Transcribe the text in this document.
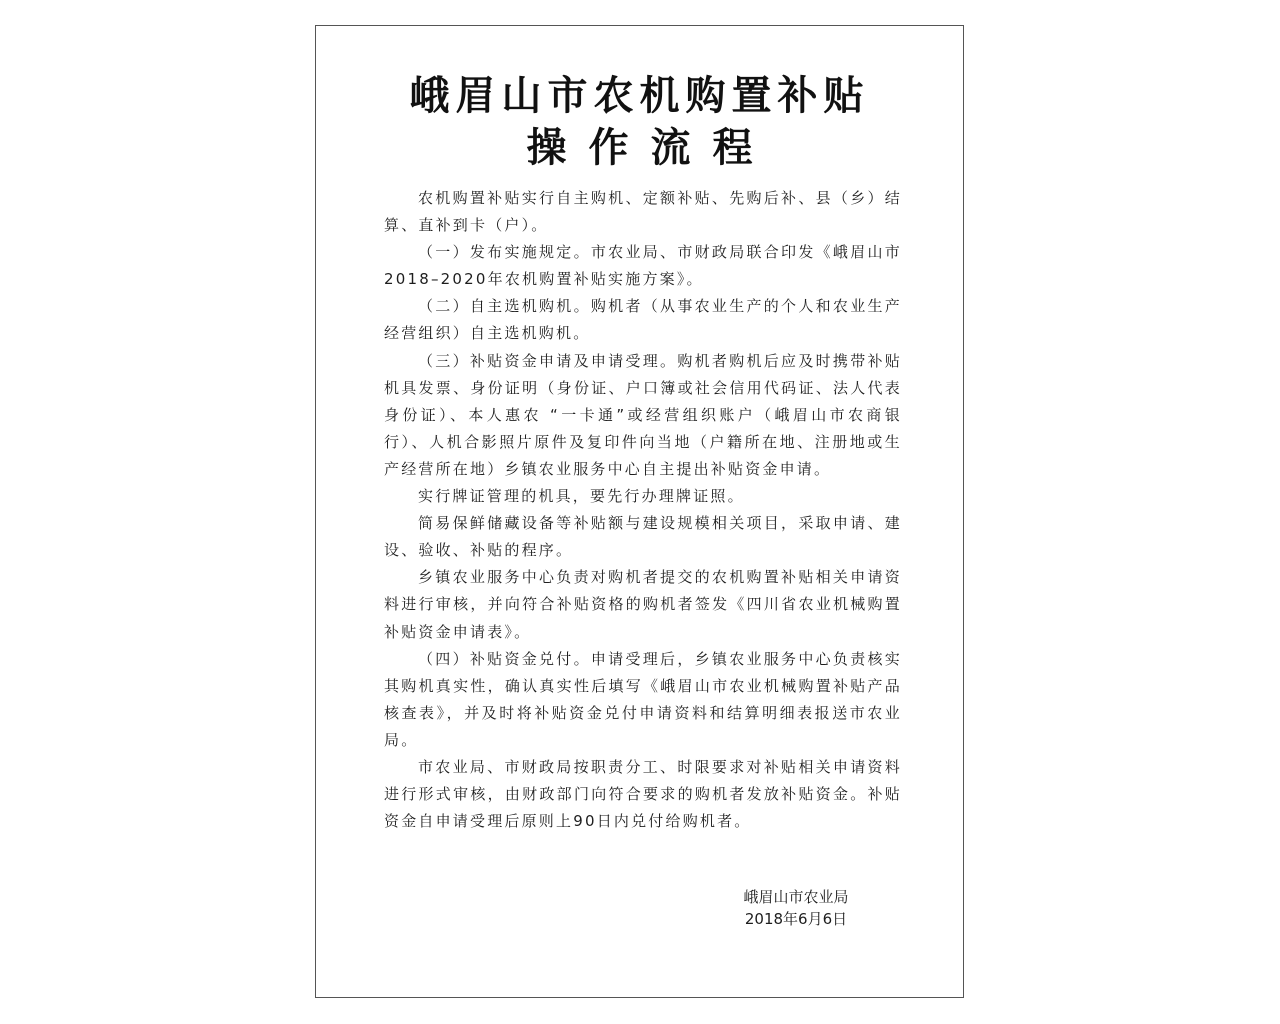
峨眉山市农机购置补贴
操作流程

农机购置补贴实行自主购机、定额补贴、先购后补、县（乡）结算、直补到卡（户）。

（一）发布实施规定。市农业局、市财政局联合印发《峨眉山市2018–2020年农机购置补贴实施方案》。

（二）自主选机购机。购机者（从事农业生产的个人和农业生产经营组织）自主选机购机。

（三）补贴资金申请及申请受理。购机者购机后应及时携带补贴机具发票、身份证明（身份证、户口簿或社会信用代码证、法人代表身份证）、本人惠农 “一卡通”或经营组织账户（峨眉山市农商银行）、人机合影照片原件及复印件向当地（户籍所在地、注册地或生产经营所在地）乡镇农业服务中心自主提出补贴资金申请。

实行牌证管理的机具，要先行办理牌证照。

简易保鲜储藏设备等补贴额与建设规模相关项目，采取申请、建设、验收、补贴的程序。

乡镇农业服务中心负责对购机者提交的农机购置补贴相关申请资料进行审核，并向符合补贴资格的购机者签发《四川省农业机械购置补贴资金申请表》。

（四）补贴资金兑付。申请受理后，乡镇农业服务中心负责核实其购机真实性，确认真实性后填写《峨眉山市农业机械购置补贴产品核查表》，并及时将补贴资金兑付申请资料和结算明细表报送市农业局。

市农业局、市财政局按职责分工、时限要求对补贴相关申请资料进行形式审核，由财政部门向符合要求的购机者发放补贴资金。补贴资金自申请受理后原则上90日内兑付给购机者。

峨眉山市农业局
2018年6月6日
